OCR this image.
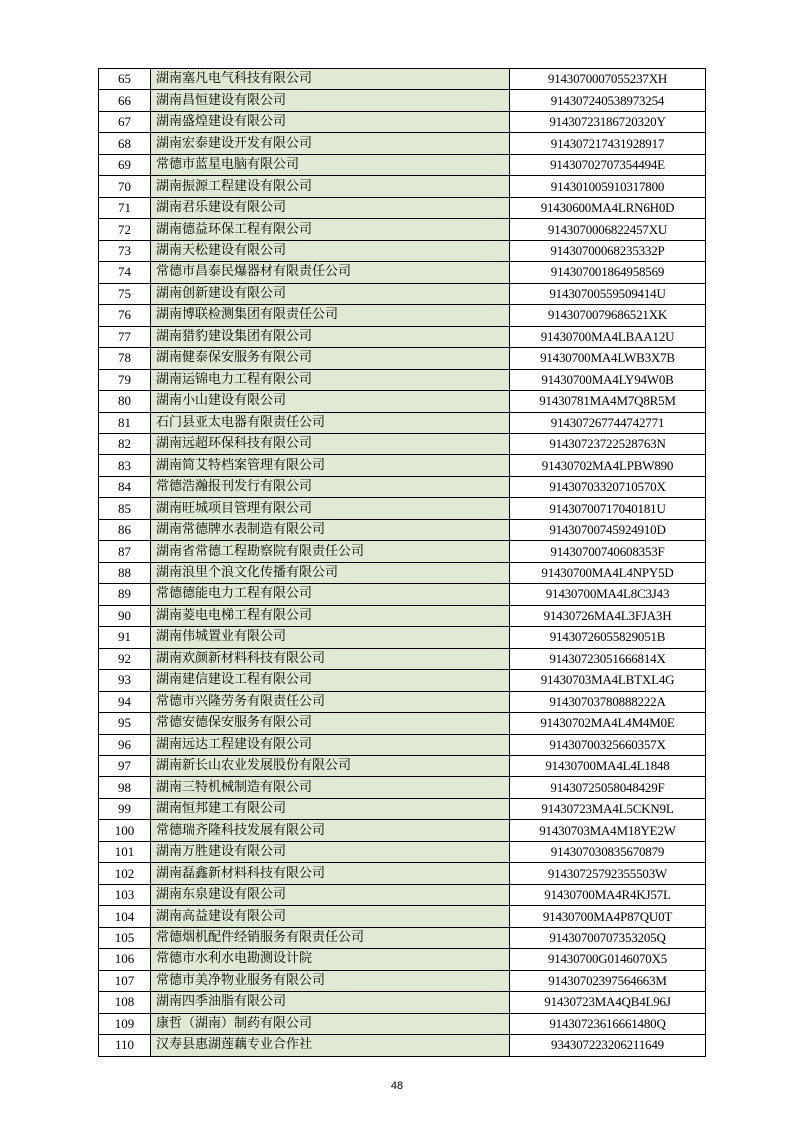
65	湖南塞凡电气科技有限公司	9143070007055237XH
66	湖南昌恒建设有限公司	914307240538973254
67	湖南盛煌建设有限公司	91430723186720320Y
68	湖南宏泰建设开发有限公司	914307217431928917
69	常德市蓝星电脑有限公司	91430702707354494E
70	湖南振源工程建设有限公司	914301005910317800
71	湖南君乐建设有限公司	91430600MA4LRN6H0D
72	湖南德益环保工程有限公司	9143070006822457XU
73	湖南天松建设有限公司	91430700068235332P
74	常德市昌泰民爆器材有限责任公司	914307001864958569
75	湖南创新建设有限公司	91430700559509414U
76	湖南博联检测集团有限责任公司	9143070079686521XK
77	湖南猎豹建设集团有限公司	91430700MA4LBAA12U
78	湖南健泰保安服务有限公司	91430700MA4LWB3X7B
79	湖南运锦电力工程有限公司	91430700MA4LY94W0B
80	湖南小山建设有限公司	91430781MA4M7Q8R5M
81	石门县亚太电器有限责任公司	914307267744742771
82	湖南远超环保科技有限公司	91430723722528763N
83	湖南简艾特档案管理有限公司	91430702MA4LPBW890
84	常德浩瀚报刊发行有限公司	91430703320710570X
85	湖南旺城项目管理有限公司	91430700717040181U
86	湖南常德牌水表制造有限公司	91430700745924910D
87	湖南省常德工程勘察院有限责任公司	91430700740608353F
88	湖南浪里个浪文化传播有限公司	91430700MA4L4NPY5D
89	常德德能电力工程有限公司	91430700MA4L8C3J43
90	湖南菱电电梯工程有限公司	91430726MA4L3FJA3H
91	湖南伟城置业有限公司	91430726055829051B
92	湖南欢颜新材料科技有限公司	91430723051666814X
93	湖南建信建设工程有限公司	91430703MA4LBTXL4G
94	常德市兴隆劳务有限责任公司	91430703780888222A
95	常德安德保安服务有限公司	91430702MA4L4M4M0E
96	湖南远达工程建设有限公司	91430700325660357X
97	湖南新长山农业发展股份有限公司	91430700MA4L4L1848
98	湖南三特机械制造有限公司	91430725058048429F
99	湖南恒邦建工有限公司	91430723MA4L5CKN9L
100	常德瑞齐隆科技发展有限公司	91430703MA4M18YE2W
101	湖南万胜建设有限公司	914307030835670879
102	湖南磊鑫新材料科技有限公司	91430725792355503W
103	湖南东泉建设有限公司	91430700MA4R4KJ57L
104	湖南高益建设有限公司	91430700MA4P87QU0T
105	常德烟机配件经销服务有限责任公司	91430700707353205Q
106	常德市水利水电勘测设计院	91430700G0146070X5
107	常德市美净物业服务有限公司	91430702397564663M
108	湖南四季油脂有限公司	91430723MA4QB4L96J
109	康哲（湖南）制药有限公司	91430723616661480Q
110	汉寿县惠湖莲藕专业合作社	934307223206211649
48
